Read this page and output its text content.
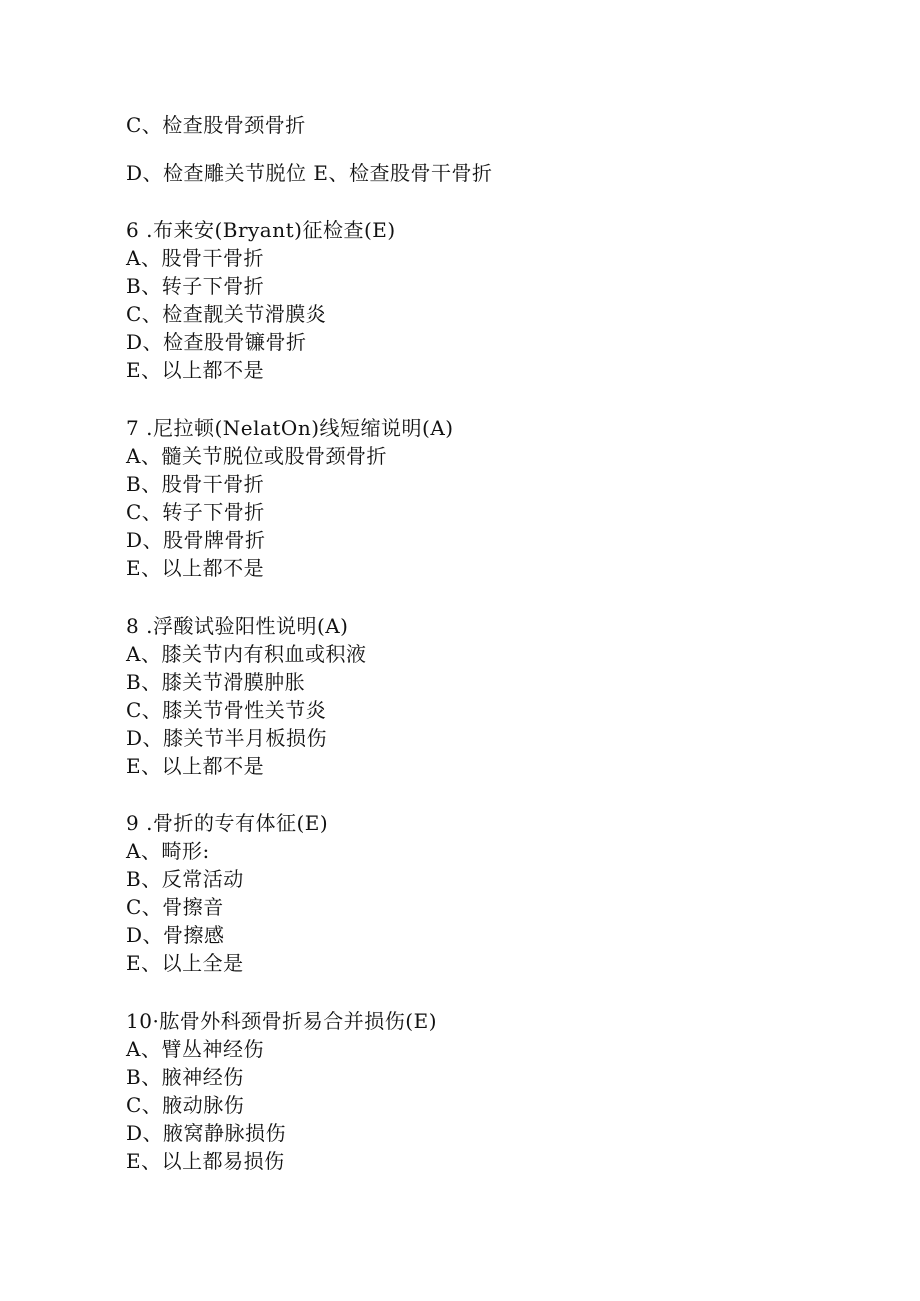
C、检查股骨颈骨折
D、检查雕关节脱位 E、检查股骨干骨折
6 .布来安(Bryant)征检查(E)
A、股骨干骨折
B、转子下骨折
C、检查靓关节滑膜炎
D、检查股骨镰骨折
E、以上都不是
7 .尼拉顿(NelatOn)线短缩说明(A)
A、髓关节脱位或股骨颈骨折
B、股骨干骨折
C、转子下骨折
D、股骨牌骨折
E、以上都不是
8 .浮酸试验阳性说明(A)
A、膝关节内有积血或积液
B、膝关节滑膜肿胀
C、膝关节骨性关节炎
D、膝关节半月板损伤
E、以上都不是
9 .骨折的专有体征(E)
A、畸形:
B、反常活动
C、骨擦音
D、骨擦感
E、以上全是
10·肱骨外科颈骨折易合并损伤(E)
A、臂丛神经伤
B、腋神经伤
C、腋动脉伤
D、腋窝静脉损伤
E、以上都易损伤
